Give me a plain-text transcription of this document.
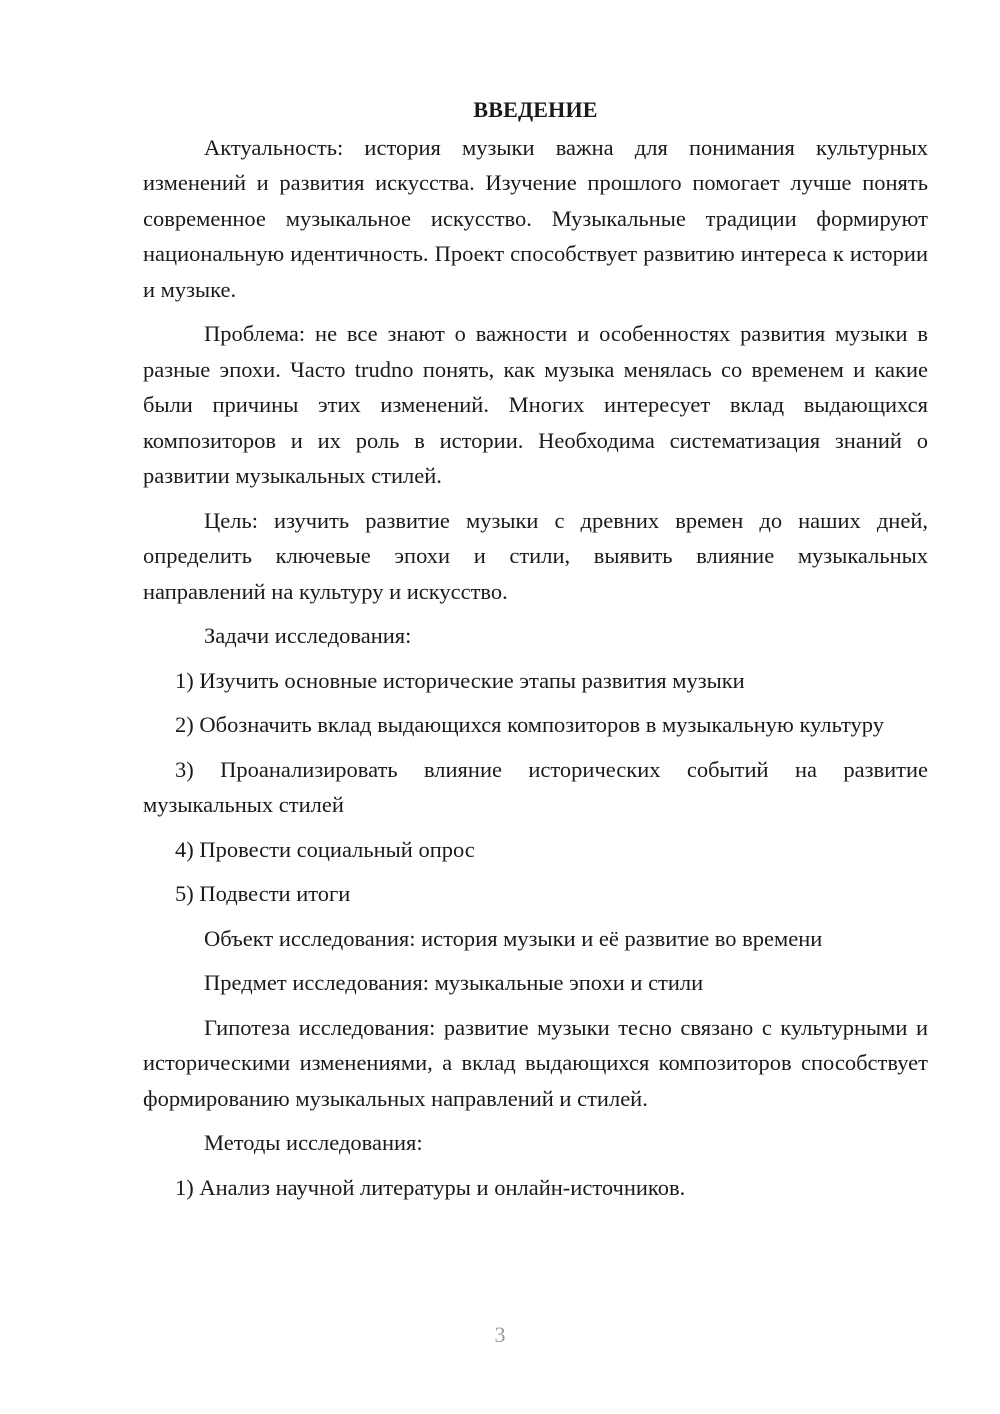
ВВЕДЕНИЕ

Актуальность: история музыки важна для понимания культурных изменений и развития искусства. Изучение прошлого помогает лучше понять современное музыкальное искусство. Музыкальные традиции формируют национальную идентичность. Проект способствует развитию интереса к истории и музыке.

Проблема: не все знают о важности и особенностях развития музыки в разные эпохи. Часто trudno понять, как музыка менялась со временем и какие были причины этих изменений. Многих интересует вклад выдающихся композиторов и их роль в истории. Необходима систематизация знаний о развитии музыкальных стилей.

Цель: изучить развитие музыки с древних времен до наших дней, определить ключевые эпохи и стили, выявить влияние музыкальных направлений на культуру и искусство.

Задачи исследования:

1) Изучить основные исторические этапы развития музыки

2) Обозначить вклад выдающихся композиторов в музыкальную культуру

3) Проанализировать влияние исторических событий на развитие музыкальных стилей

4) Провести социальный опрос

5) Подвести итоги

Объект исследования: история музыки и её развитие во времени

Предмет исследования: музыкальные эпохи и стили

Гипотеза исследования: развитие музыки тесно связано с культурными и историческими изменениями, а вклад выдающихся композиторов способствует формированию музыкальных направлений и стилей.

Методы исследования:

1) Анализ научной литературы и онлайн-источников.

3
